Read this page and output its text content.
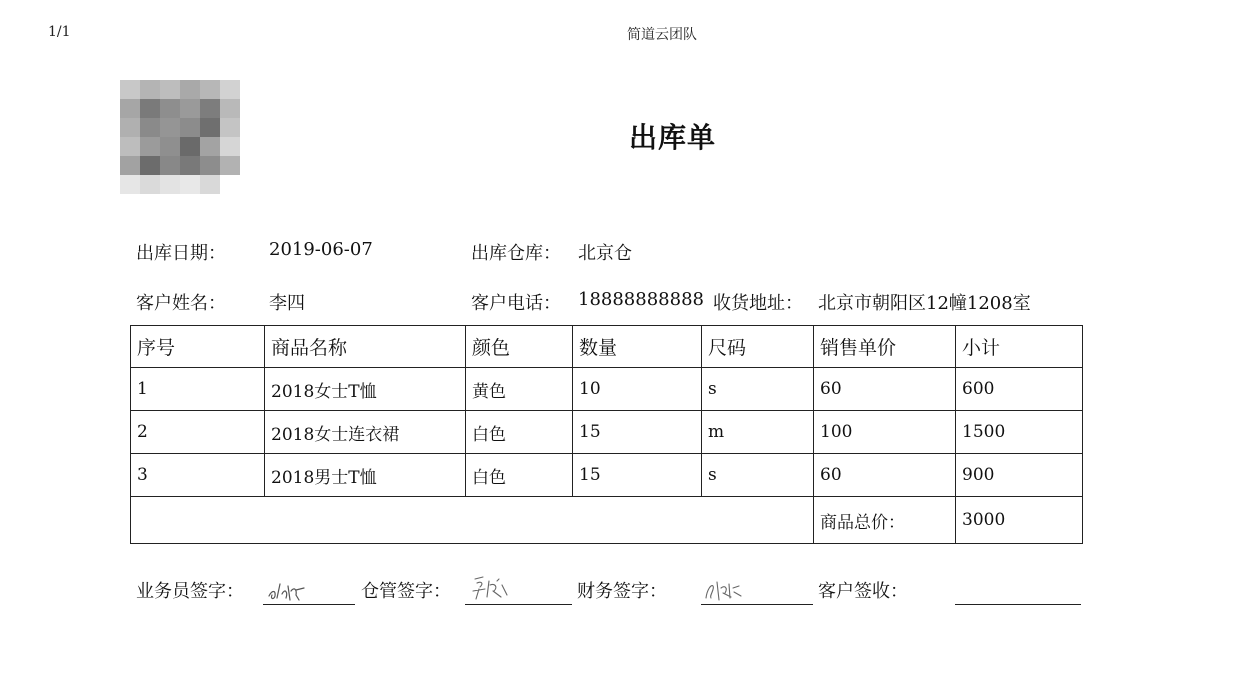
1/1	简道云团队
出库单
出库日期： 2019-06-07	出库仓库： 北京仓
客户姓名： 李四	客户电话： 18888888888 收货地址： 北京市朝阳区12幢1208室
序号	商品名称	颜色	数量	尺码	销售单价	小计
1	2018女士T恤	黄色	10	s	60	600
2	2018女士连衣裙	白色	15	m	100	1500
3	2018男士T恤	白色	15	s	60	900
					商品总价：	3000
业务员签字：	仓管签字：	财务签字：	客户签收：
